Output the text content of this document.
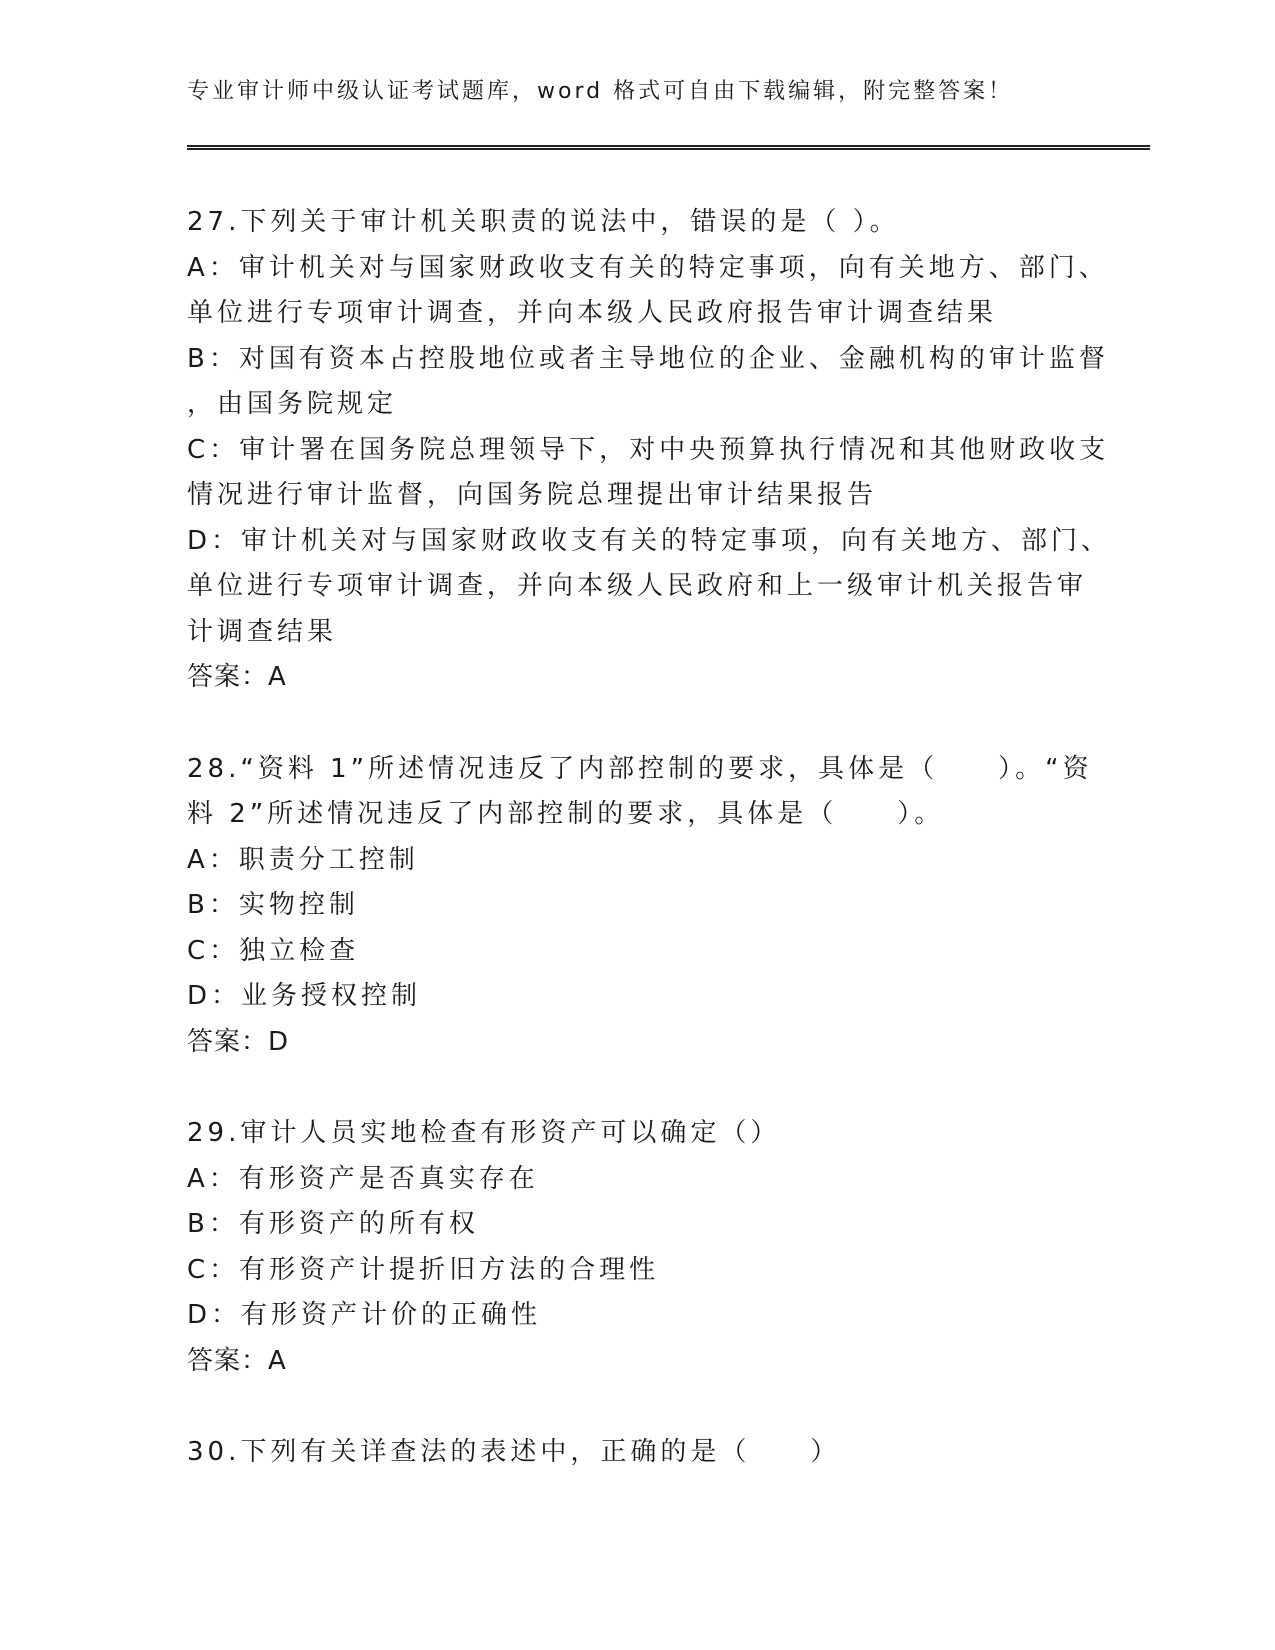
专业审计师中级认证考试题库，word 格式可自由下载编辑，附完整答案！
27.下列关于审计机关职责的说法中，错误的是（ ）。
A：审计机关对与国家财政收支有关的特定事项，向有关地方、部门、
单位进行专项审计调查，并向本级人民政府报告审计调查结果
B：对国有资本占控股地位或者主导地位的企业、金融机构的审计监督
，由国务院规定
C：审计署在国务院总理领导下，对中央预算执行情况和其他财政收支
情况进行审计监督，向国务院总理提出审计结果报告
D：审计机关对与国家财政收支有关的特定事项，向有关地方、部门、
单位进行专项审计调查，并向本级人民政府和上一级审计机关报告审
计调查结果
答案：A
28.“资料 1”所述情况违反了内部控制的要求，具体是（　　）。“资
料 2”所述情况违反了内部控制的要求，具体是（　　）。
A：职责分工控制
B：实物控制
C：独立检查
D：业务授权控制
答案：D
29.审计人员实地检查有形资产可以确定（）
A：有形资产是否真实存在
B：有形资产的所有权
C：有形资产计提折旧方法的合理性
D：有形资产计价的正确性
答案：A
30.下列有关详查法的表述中，正确的是（　　）
